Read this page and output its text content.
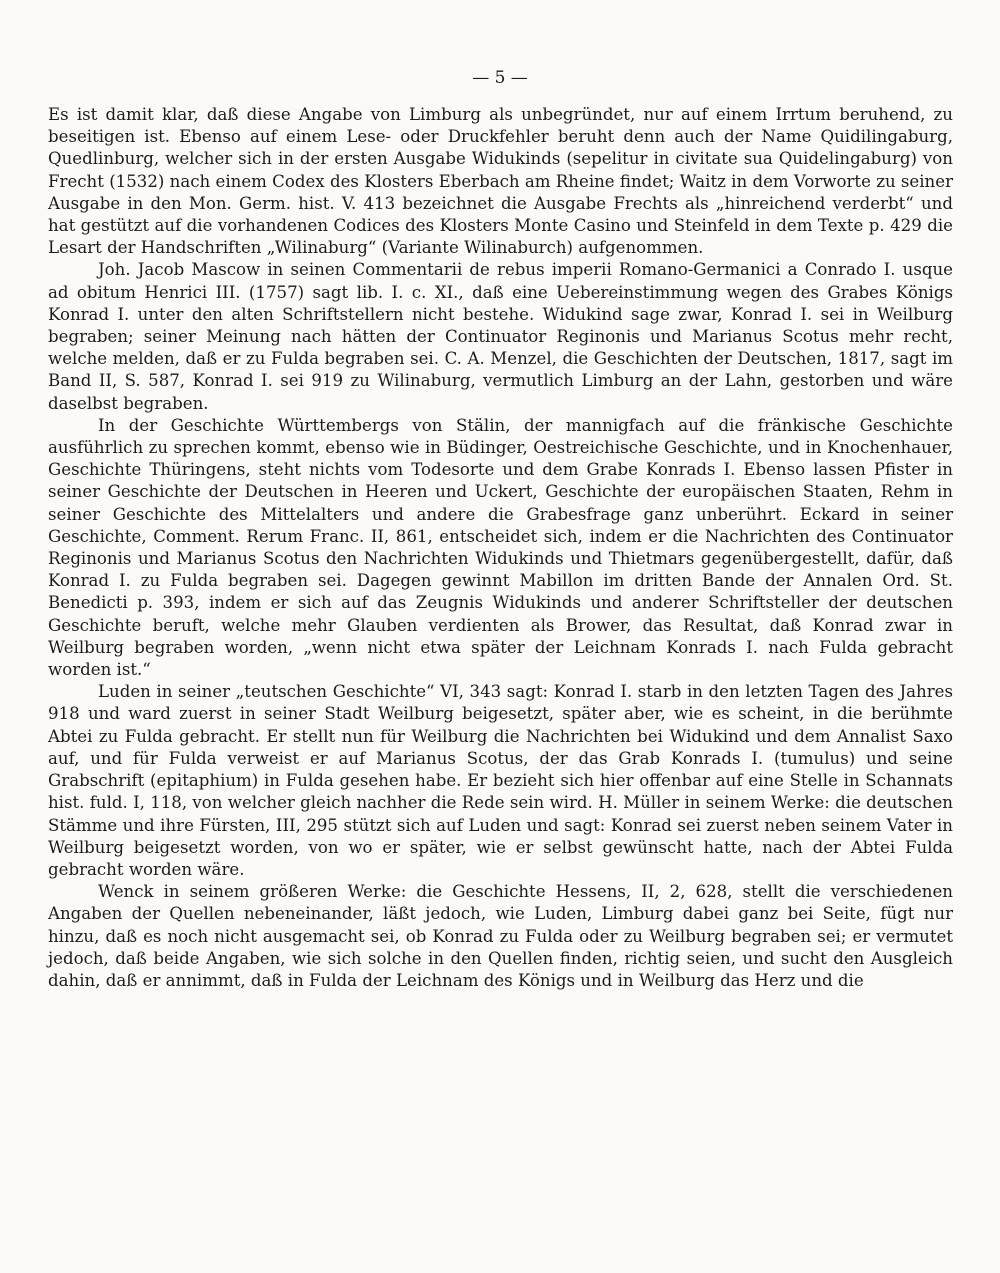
— 5 —

Es ist damit klar, daß diese Angabe von Limburg als unbegründet, nur auf einem Irrtum beruhend, zu beseitigen ist. Ebenso auf einem Lese- oder Druckfehler beruht denn auch der Name Quidilingaburg, Quedlinburg, welcher sich in der ersten Ausgabe Widukinds (sepelitur in civitate sua Quidelingaburg) von Frecht (1532) nach einem Codex des Klosters Eberbach am Rheine findet; Waitz in dem Vorworte zu seiner Ausgabe in den Mon. Germ. hist. V. 413 bezeichnet die Ausgabe Frechts als „hinreichend verderbt“ und hat gestützt auf die vorhandenen Codices des Klosters Monte Casino und Steinfeld in dem Texte p. 429 die Lesart der Handschriften „Wilinaburg“ (Variante Wilinaburch) aufgenommen.

Joh. Jacob Mascow in seinen Commentarii de rebus imperii Romano-Germanici a Conrado I. usque ad obitum Henrici III. (1757) sagt lib. I. c. XI., daß eine Uebereinstimmung wegen des Grabes Königs Konrad I. unter den alten Schriftstellern nicht bestehe. Widukind sage zwar, Konrad I. sei in Weilburg begraben; seiner Meinung nach hätten der Continuator Reginonis und Marianus Scotus mehr recht, welche melden, daß er zu Fulda begraben sei. C. A. Menzel, die Geschichten der Deutschen, 1817, sagt im Band II, S. 587, Konrad I. sei 919 zu Wilinaburg, vermutlich Limburg an der Lahn, gestorben und wäre daselbst begraben.

In der Geschichte Württembergs von Stälin, der mannigfach auf die fränkische Geschichte ausführlich zu sprechen kommt, ebenso wie in Büdinger, Oestreichische Geschichte, und in Knochenhauer, Geschichte Thüringens, steht nichts vom Todesorte und dem Grabe Konrads I. Ebenso lassen Pfister in seiner Geschichte der Deutschen in Heeren und Uckert, Geschichte der europäischen Staaten, Rehm in seiner Geschichte des Mittelalters und andere die Grabesfrage ganz unberührt. Eckard in seiner Geschichte, Comment. Rerum Franc. II, 861, entscheidet sich, indem er die Nachrichten des Continuator Reginonis und Marianus Scotus den Nachrichten Widukinds und Thietmars gegenübergestellt, dafür, daß Konrad I. zu Fulda begraben sei. Dagegen gewinnt Mabillon im dritten Bande der Annalen Ord. St. Benedicti p. 393, indem er sich auf das Zeugnis Widukinds und anderer Schriftsteller der deutschen Geschichte beruft, welche mehr Glauben verdienten als Brower, das Resultat, daß Konrad zwar in Weilburg begraben worden, „wenn nicht etwa später der Leichnam Konrads I. nach Fulda gebracht worden ist.“

Luden in seiner „teutschen Geschichte“ VI, 343 sagt: Konrad I. starb in den letzten Tagen des Jahres 918 und ward zuerst in seiner Stadt Weilburg beigesetzt, später aber, wie es scheint, in die berühmte Abtei zu Fulda gebracht. Er stellt nun für Weilburg die Nachrichten bei Widukind und dem Annalist Saxo auf, und für Fulda verweist er auf Marianus Scotus, der das Grab Konrads I. (tumulus) und seine Grabschrift (epitaphium) in Fulda gesehen habe. Er bezieht sich hier offenbar auf eine Stelle in Schannats hist. fuld. I, 118, von welcher gleich nachher die Rede sein wird. H. Müller in seinem Werke: die deutschen Stämme und ihre Fürsten, III, 295 stützt sich auf Luden und sagt: Konrad sei zuerst neben seinem Vater in Weilburg beigesetzt worden, von wo er später, wie er selbst gewünscht hatte, nach der Abtei Fulda gebracht worden wäre.

Wenck in seinem größeren Werke: die Geschichte Hessens, II, 2, 628, stellt die verschiedenen Angaben der Quellen nebeneinander, läßt jedoch, wie Luden, Limburg dabei ganz bei Seite, fügt nur hinzu, daß es noch nicht ausgemacht sei, ob Konrad zu Fulda oder zu Weilburg begraben sei; er vermutet jedoch, daß beide Angaben, wie sich solche in den Quellen finden, richtig seien, und sucht den Ausgleich dahin, daß er annimmt, daß in Fulda der Leichnam des Königs und in Weilburg das Herz und die
